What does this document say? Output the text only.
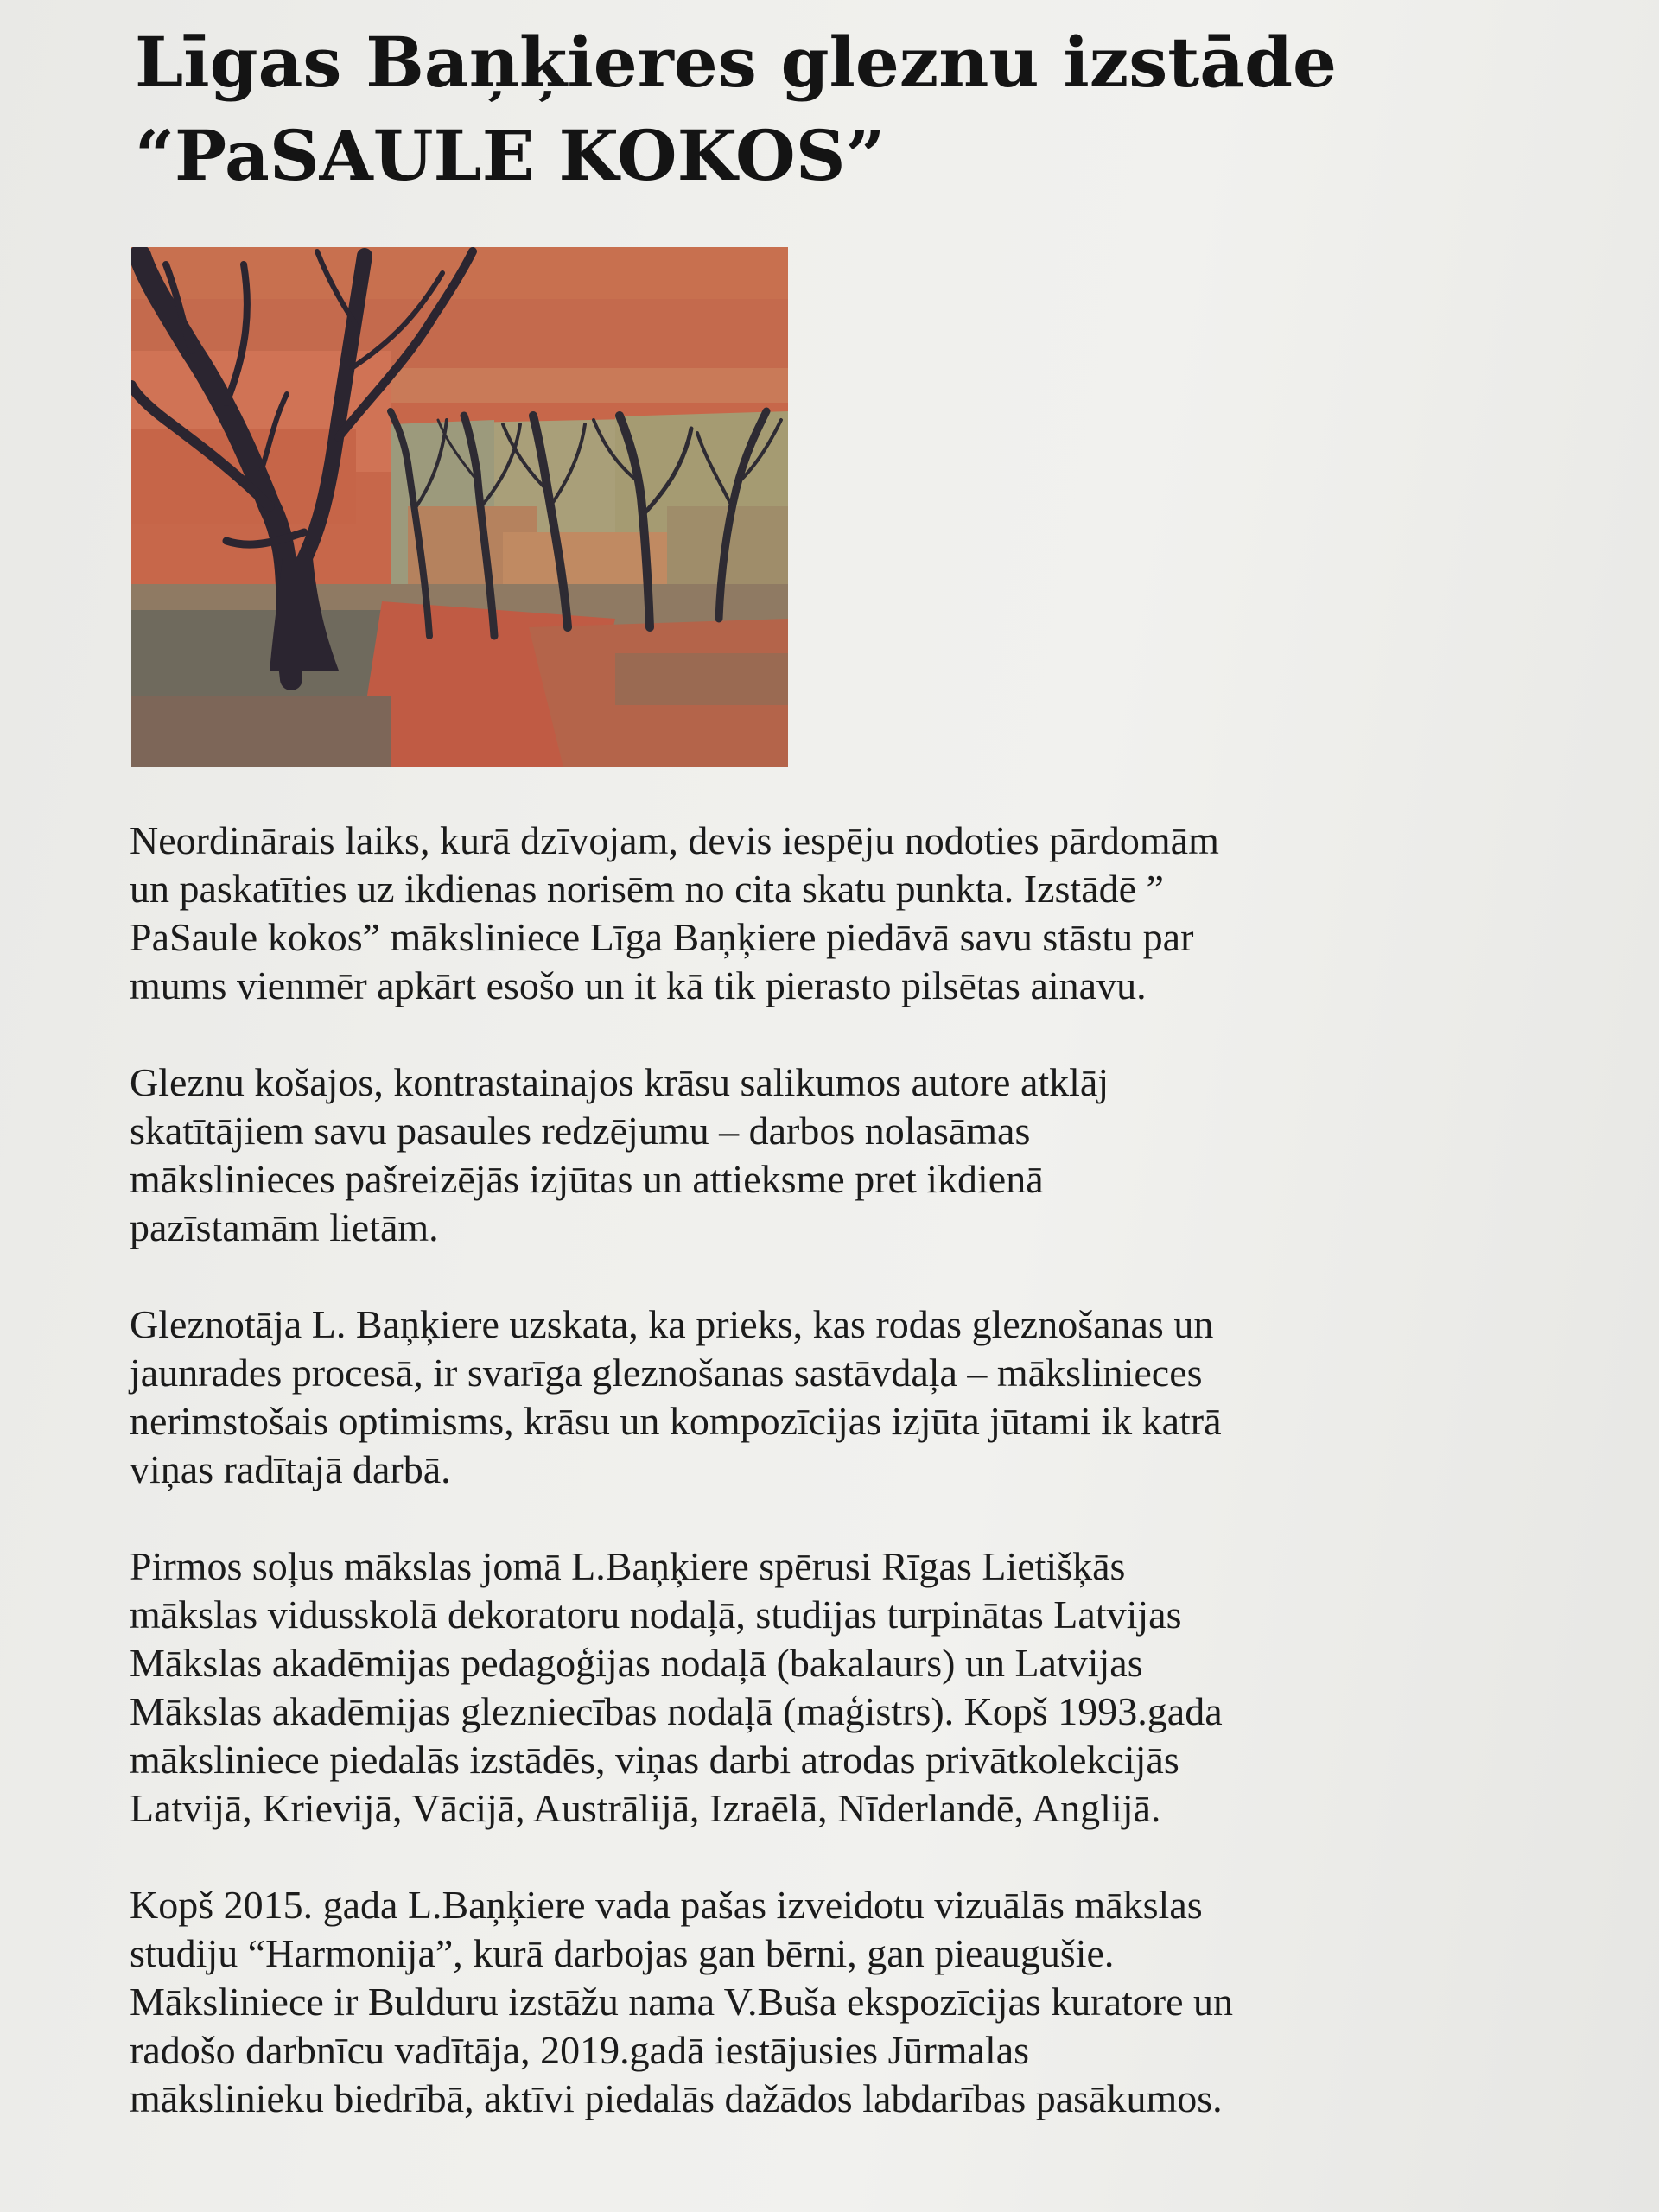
Līgas Baņķieres gleznu izstāde
“PaSAULE KOKOS”

Neordinārais laiks, kurā dzīvojam, devis iespēju nodoties pārdomām
un paskatīties uz ikdienas norisēm no cita skatu punkta. Izstādē ”
PaSaule kokos” māksliniece Līga Baņķiere piedāvā savu stāstu par
mums vienmēr apkārt esošo un it kā tik pierasto pilsētas ainavu.

Gleznu košajos, kontrastainajos krāsu salikumos autore atklāj
skatītājiem savu pasaules redzējumu – darbos nolasāmas
mākslinieces pašreizējās izjūtas un attieksme pret ikdienā
pazīstamām lietām.

Gleznotāja L. Baņķiere uzskata, ka prieks, kas rodas gleznošanas un
jaunrades procesā, ir svarīga gleznošanas sastāvdaļa – mākslinieces
nerimstošais optimisms, krāsu un kompozīcijas izjūta jūtami ik katrā
viņas radītajā darbā.

Pirmos soļus mākslas jomā L.Baņķiere spērusi Rīgas Lietišķās
mākslas vidusskolā dekoratoru nodaļā, studijas turpinātas Latvijas
Mākslas akadēmijas pedagoģijas nodaļā (bakalaurs) un Latvijas
Mākslas akadēmijas glezniecības nodaļā (maģistrs). Kopš 1993.gada
māksliniece piedalās izstādēs, viņas darbi atrodas privātkolekcijās
Latvijā, Krievijā, Vācijā, Austrālijā, Izraēlā, Nīderlandē, Anglijā.

Kopš 2015. gada L.Baņķiere vada pašas izveidotu vizuālās mākslas
studiju “Harmonija”, kurā darbojas gan bērni, gan pieaugušie.
Māksliniece ir Bulduru izstāžu nama V.Buša ekspozīcijas kuratore un
radošo darbnīcu vadītāja, 2019.gadā iestājusies Jūrmalas
mākslinieku biedrībā, aktīvi piedalās dažādos labdarības pasākumos.
